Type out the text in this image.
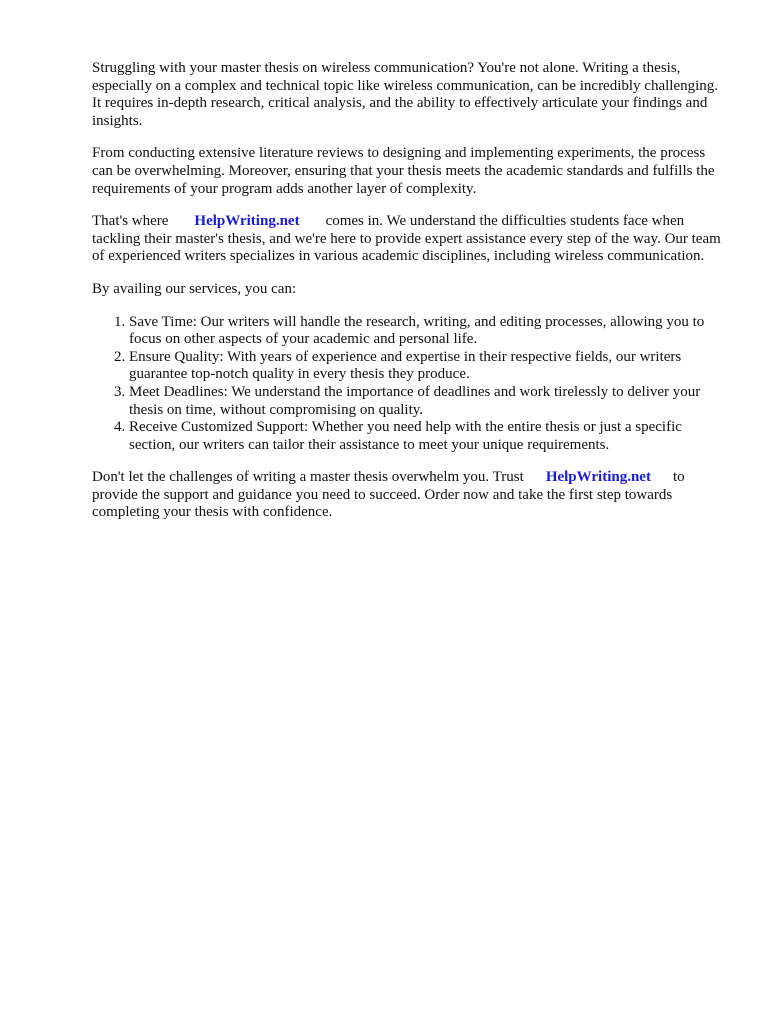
Struggling with your master thesis on wireless communication? You're not alone. Writing a thesis, especially on a complex and technical topic like wireless communication, can be incredibly challenging. It requires in-depth research, critical analysis, and the ability to effectively articulate your findings and insights.

From conducting extensive literature reviews to designing and implementing experiments, the process can be overwhelming. Moreover, ensuring that your thesis meets the academic standards and fulfills the requirements of your program adds another layer of complexity.

That's where HelpWriting.net comes in. We understand the difficulties students face when tackling their master's thesis, and we're here to provide expert assistance every step of the way. Our team of experienced writers specializes in various academic disciplines, including wireless communication.

By availing our services, you can:

1. Save Time: Our writers will handle the research, writing, and editing processes, allowing you to focus on other aspects of your academic and personal life.
2. Ensure Quality: With years of experience and expertise in their respective fields, our writers guarantee top-notch quality in every thesis they produce.
3. Meet Deadlines: We understand the importance of deadlines and work tirelessly to deliver your thesis on time, without compromising on quality.
4. Receive Customized Support: Whether you need help with the entire thesis or just a specific section, our writers can tailor their assistance to meet your unique requirements.

Don't let the challenges of writing a master thesis overwhelm you. Trust HelpWriting.net to provide the support and guidance you need to succeed. Order now and take the first step towards completing your thesis with confidence.
